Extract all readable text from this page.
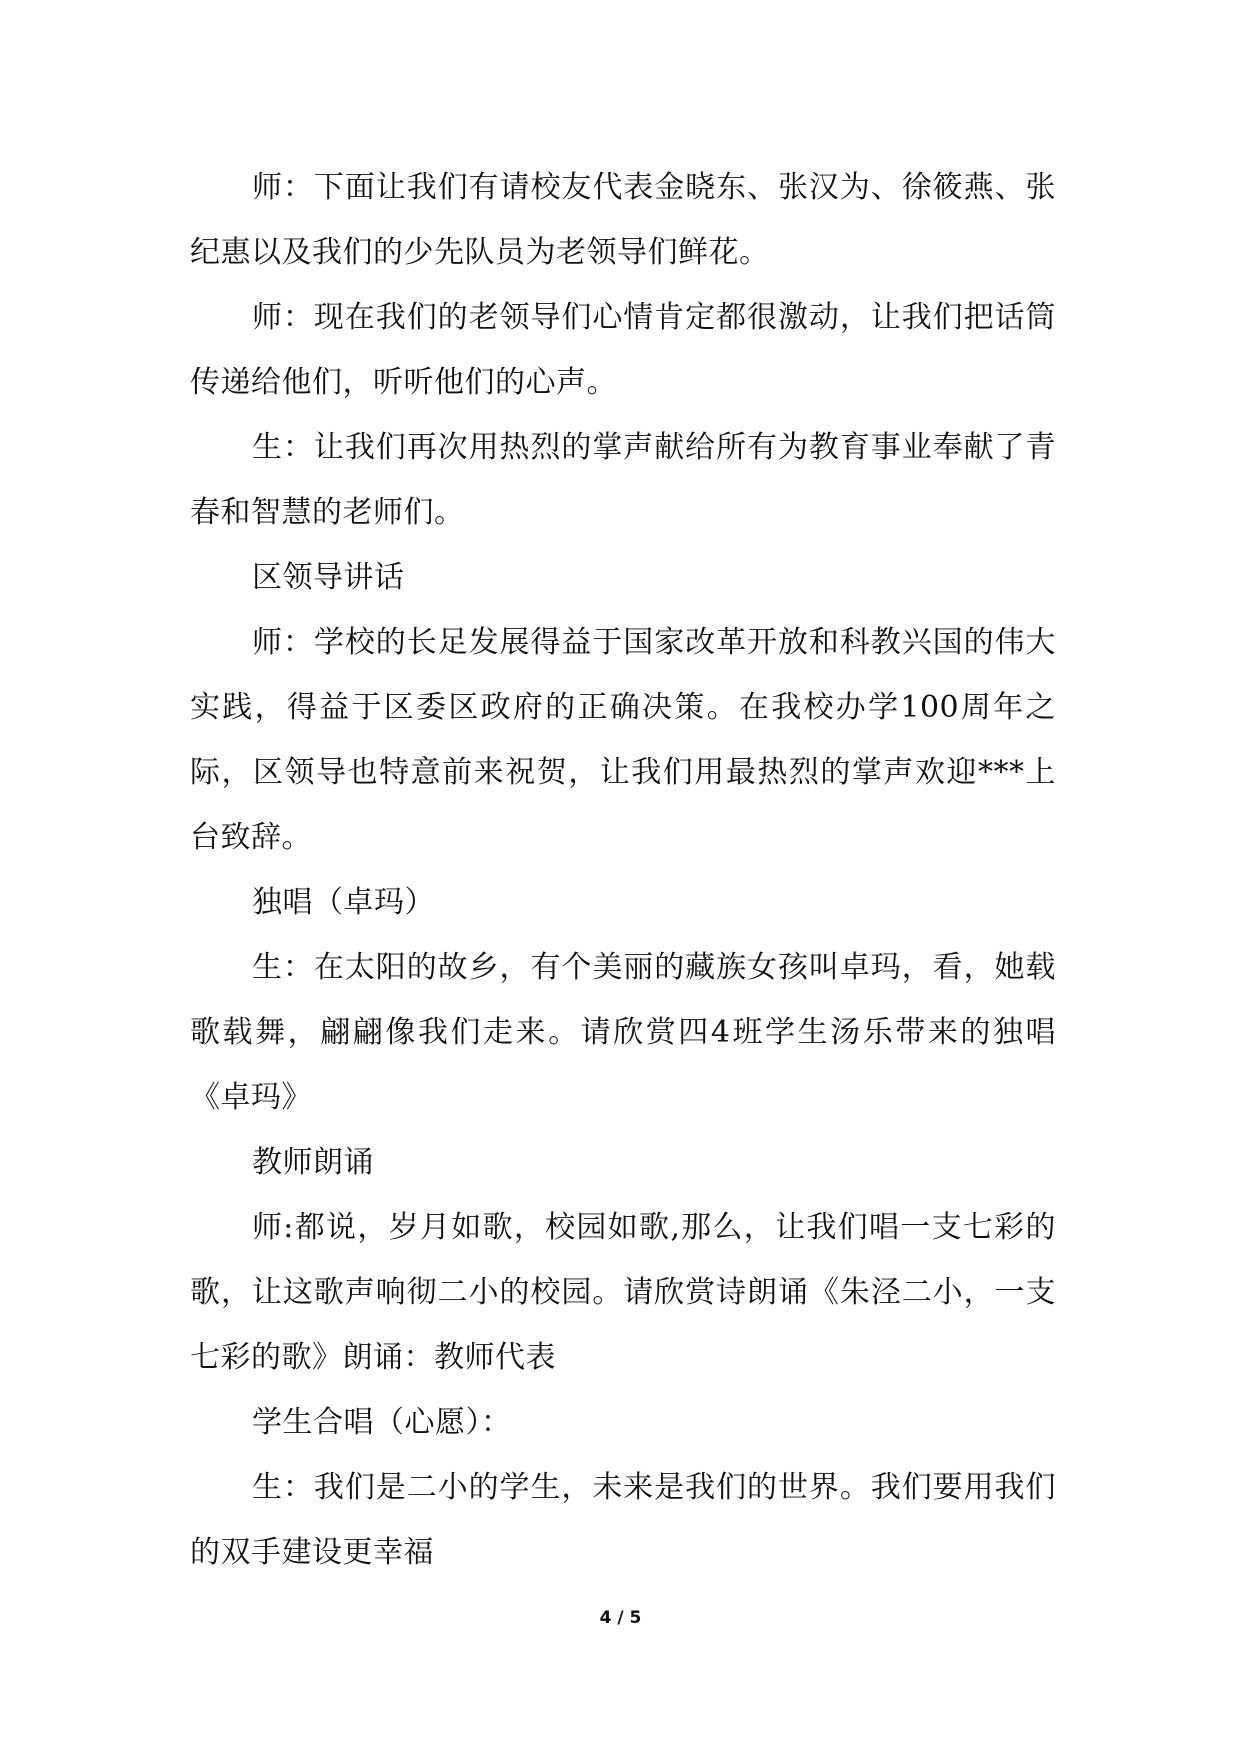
师：下面让我们有请校友代表金晓东、张汉为、徐筱燕、张纪惠以及我们的少先队员为老领导们鲜花。

师：现在我们的老领导们心情肯定都很激动，让我们把话筒传递给他们，听听他们的心声。

生：让我们再次用热烈的掌声献给所有为教育事业奉献了青春和智慧的老师们。

区领导讲话

师：学校的长足发展得益于国家改革开放和科教兴国的伟大实践，得益于区委区政府的正确决策。在我校办学100周年之际，区领导也特意前来祝贺，让我们用最热烈的掌声欢迎***上台致辞。

独唱（卓玛）

生：在太阳的故乡，有个美丽的藏族女孩叫卓玛，看，她载歌载舞，翩翩像我们走来。请欣赏四4班学生汤乐带来的独唱《卓玛》

教师朗诵

师:都说，岁月如歌，校园如歌,那么，让我们唱一支七彩的歌，让这歌声响彻二小的校园。请欣赏诗朗诵《朱泾二小，一支七彩的歌》朗诵：教师代表

学生合唱（心愿）：

生：我们是二小的学生，未来是我们的世界。我们要用我们的双手建设更幸福

4 / 5
